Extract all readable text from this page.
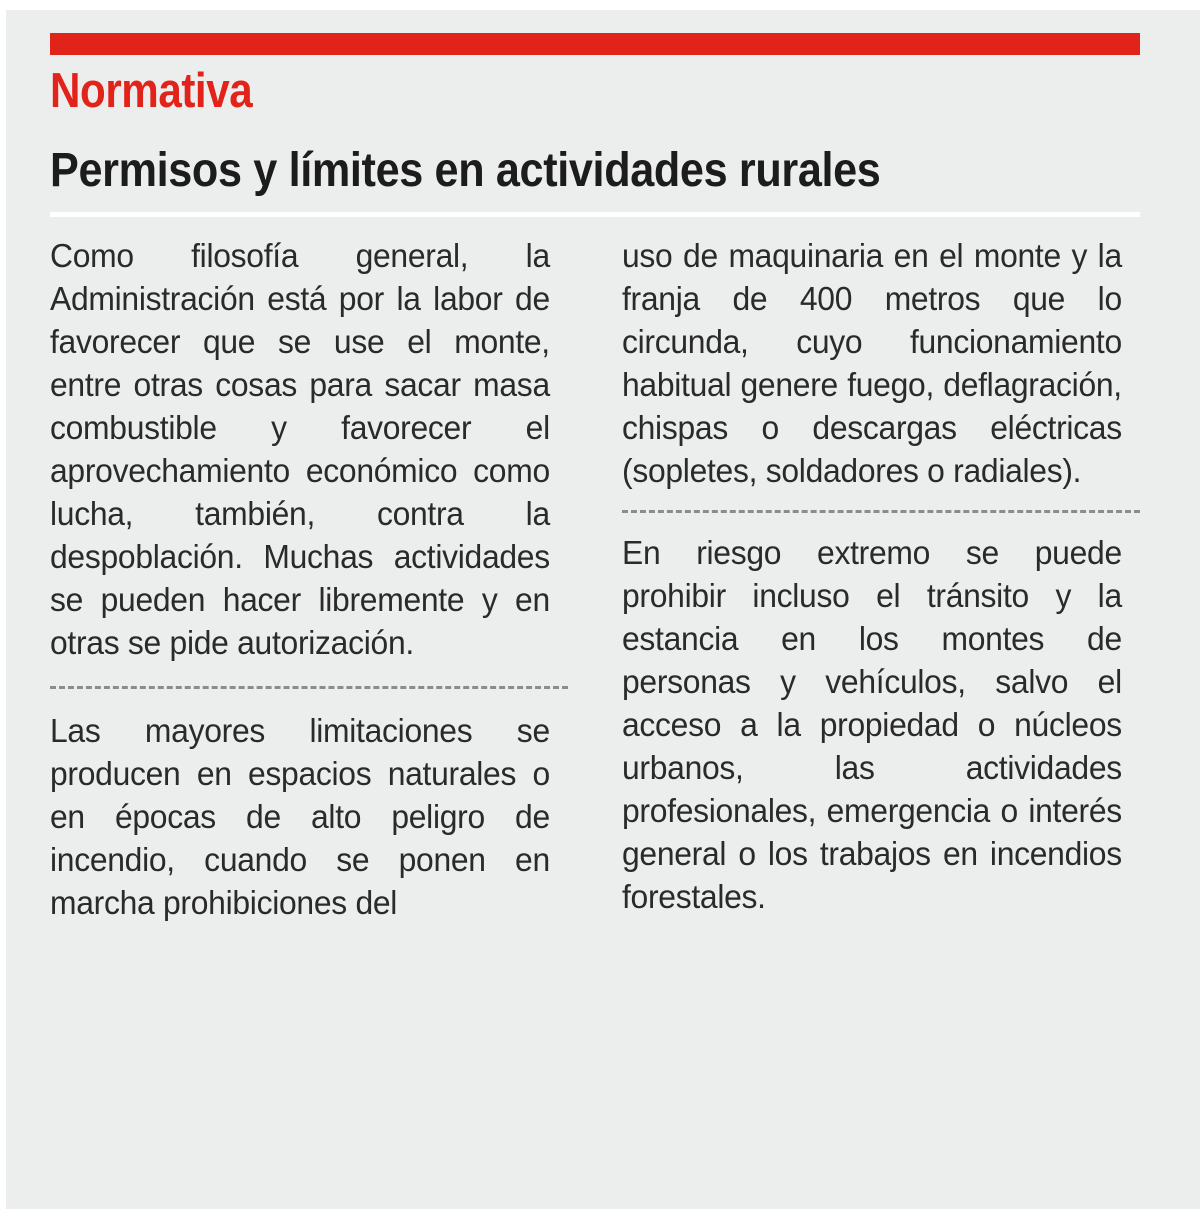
Normativa
Permisos y límites en actividades rurales

Como filosofía general, la Administración está por la labor de favorecer que se use el monte, entre otras cosas para sacar masa combustible y favorecer el aprovechamiento económico como lucha, también, contra la despoblación. Muchas actividades se pueden hacer libremente y en otras se pide autorización.

Las mayores limitaciones se producen en espacios naturales o en épocas de alto peligro de incendio, cuando se ponen en marcha prohibiciones del

uso de maquinaria en el monte y la franja de 400 metros que lo circunda, cuyo funcionamiento habitual genere fuego, deflagración, chispas o descargas eléctricas (sopletes, soldadores o radiales).

En riesgo extremo se puede prohibir incluso el tránsito y la estancia en los montes de personas y vehículos, salvo el acceso a la propiedad o núcleos urbanos, las actividades profesionales, emergencia o interés general o los trabajos en incendios forestales.
